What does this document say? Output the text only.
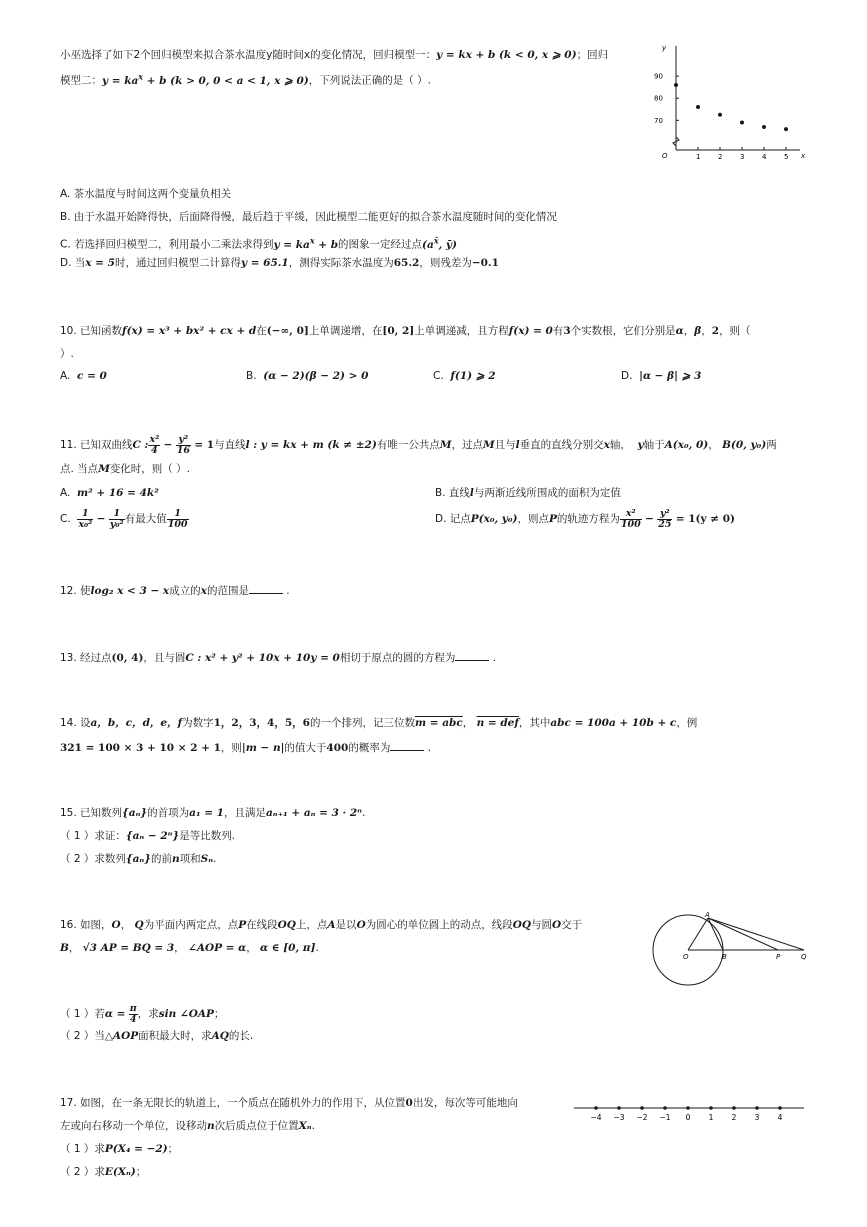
小巫选择了如下2个回归模型来拟合茶水温度y随时间x的变化情况，回归模型一：y = kx + b (k < 0, x ⩾ 0)；回归
模型二：$y = ka^x + b$ (k > 0, 0 < a < 1, x ⩾ 0)，下列说法正确的是（ ）.
O	x
y
1	2	3	4	5
70
80
90
A. 茶水温度与时间这两个变量负相关
B. 由于水温开始降得快，后面降得慢，最后趋于平缓，因此模型二能更好的拟合茶水温度随时间的变化情况
C. 若选择回归模型二，利用最小二乘法求得到$y = ka^x + b$的图象一定经过点($a^{x̄}$, ȳ)
D. 当x = 5时，通过回归模型二计算得y = 65.1，测得实际茶水温度为65.2，则残差为−0.1
10. 已知函数f(x) = x³ + bx² + cx + d在(−∞, 0]上单调递增，在[0, 2]上单调递减，且方程f(x) = 0有3个实数根，它们分别是α，β，2，则（
）.
A. c = 0	B. (α − 2)(β − 2) > 0	C. f(1) ⩾ 2	D. |α − β| ⩾ 3
11. 已知双曲线C : $\frac{\text{x²}}{4} - \frac{\text{y²}}{16} = 1$与直线l : y = kx + m (k ≠ ±2)有唯一公共点M，过点M且与l垂直的直线分别交x轴， y轴于A(x₀, 0)， B(0, y₀)两
点. 当点M变化时，则（ ）.
A. m² + 16 = 4k²	B. 直线l与两渐近线所围成的面积为定值
C. $\frac{1}{\text{x₀²}} - \frac{1}{\text{y₀²}}$ 有最大值 $\frac{1}{100}$	D. 记点P(x₀, y₀)，则点P的轨迹方程为 $\frac{\text{x²}}{100} - \frac{\text{y²}}{25} = 1(y \ne 0)$
12. 使log₂ x < 3 − x成立的x的范围是	.
13. 经过点(0, 4)，且与圆C : x² + y² + 10x + 10y = 0相切于原点的圆的方程为	.
14. 设a，b，c，d，e，f为数字1，2，3，4，5，6的一个排列，记三位数m = abc， n = def，其中abc = 100a + 10b + c，例
321 = 100 × 3 + 10 × 2 + 1，则|m − n|的值大于400的概率为	.
15. 已知数列{aₙ}的首项为a₁ = 1，且满足aₙ₊₁ + aₙ = 3 · 2ⁿ.
（ 1 ）求证：{aₙ − 2ⁿ}是等比数列.
（ 2 ）求数列{aₙ}的前n项和Sₙ.
16. 如图，O， Q为平面内两定点，点P在线段OQ上，点A是以O为圆心的单位圆上的动点，线段OQ与圆O交于
B， √3 AP = BQ = 3， ∠AOP = α， α ∈ [0, π].
A
O	B	P	Q
（ 1 ）若$\alpha = \frac{\pi}{4}$ ，求sin ∠OAP；
（ 2 ）当△AOP面积最大时，求AQ的长.
17. 如图，在一条无限长的轨道上，一个质点在随机外力的作用下，从位置0出发，每次等可能地向
左或向右移动一个单位，设移动n次后质点位于位置Xₙ.
（ 1 ）求P(X₄ = −2)；
（ 2 ）求E(Xₙ)；
−4 −3 −2 −1 0 1 2 3 4
